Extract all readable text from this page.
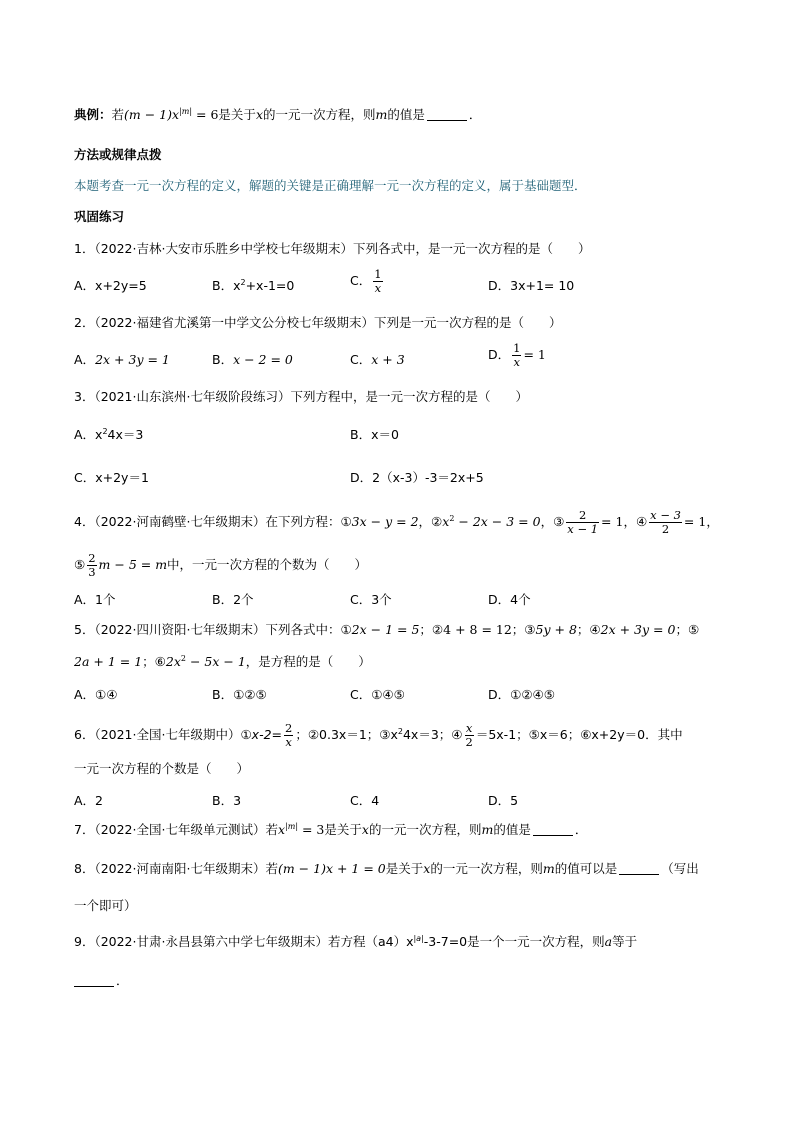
典例：若$(m - 1)x^{|m|} = 6$是关于x的一元一次方程，则m的值是	．
方法或规律点拨
本题考查一元一次方程的定义，解题的关键是正确理解一元一次方程的定义，属于基础题型．
巩固练习
1．（2022·吉林·大安市乐胜乡中学校七年级期末）下列各式中，是一元一次方程的是（　　）
A．x+2y=5	B．$x^2+x-1=0$	C． $\frac{1}{x}$	D．3x+1= 10
2．（2022·福建省尤溪第一中学文公分校七年级期末）下列是一元一次方程的是（　　）
A．2x + 3y = 1	B．x − 2 = 0	C．x + 3	D． $\frac{1}{x} = 1$
3．（2021·山东滨州·七年级阶段练习）下列方程中，是一元一次方程的是（　　）
A．$x^24x=3$	B．x＝0
C．x+2y＝1	D．2（x-3）-3＝2x+5
4．（2022·河南鹤壁·七年级期末）在下列方程：①3x − y = 2，$②x^2 - 2x - 3 = 0$，③ $\frac{2}{x - 1} = 1$，④ $\frac{x - 3}{2} = 1$，
⑤ $\frac{2}{3}$ m − 5 = m中，一元一次方程的个数为（　　）
A．1个	B．2个	C．3个	D．4个
5．（2022·四川资阳·七年级期末）下列各式中：①2x − 1 = 5；②4 + 8 = 12；③5y + 8；④2x + 3y = 0；⑤
2a + 1 = 1；$⑥2x^2 - 5x - 1$，是方程的是（　　）
A．①④	B．①②⑤	C．①④⑤	D．①②④⑤
6．（2021·全国·七年级期中）①x-2= $\frac{2}{x}$ ；②0.3x＝1；$③x^24x=3$；④ $\frac{x}{2} =5x-1$；⑤x＝6；⑥x+2y＝0．其中
一元一次方程的个数是（　　）
A．2	B．3	C．4	D．5
7．（2022·全国·七年级单元测试）若$x^{|m|} = 3$是关于x的一元一次方程，则m的值是	．
8．（2022·河南南阳·七年级期末）若(m − 1)x + 1 = 0是关于x的一元一次方程，则m的值可以是	（写出
一个即可）
9．（2022·甘肃·永昌县第六中学七年级期末）若方程$(a4)x^{|a|}-3-7=0$是一个一元一次方程，则a等于
．
